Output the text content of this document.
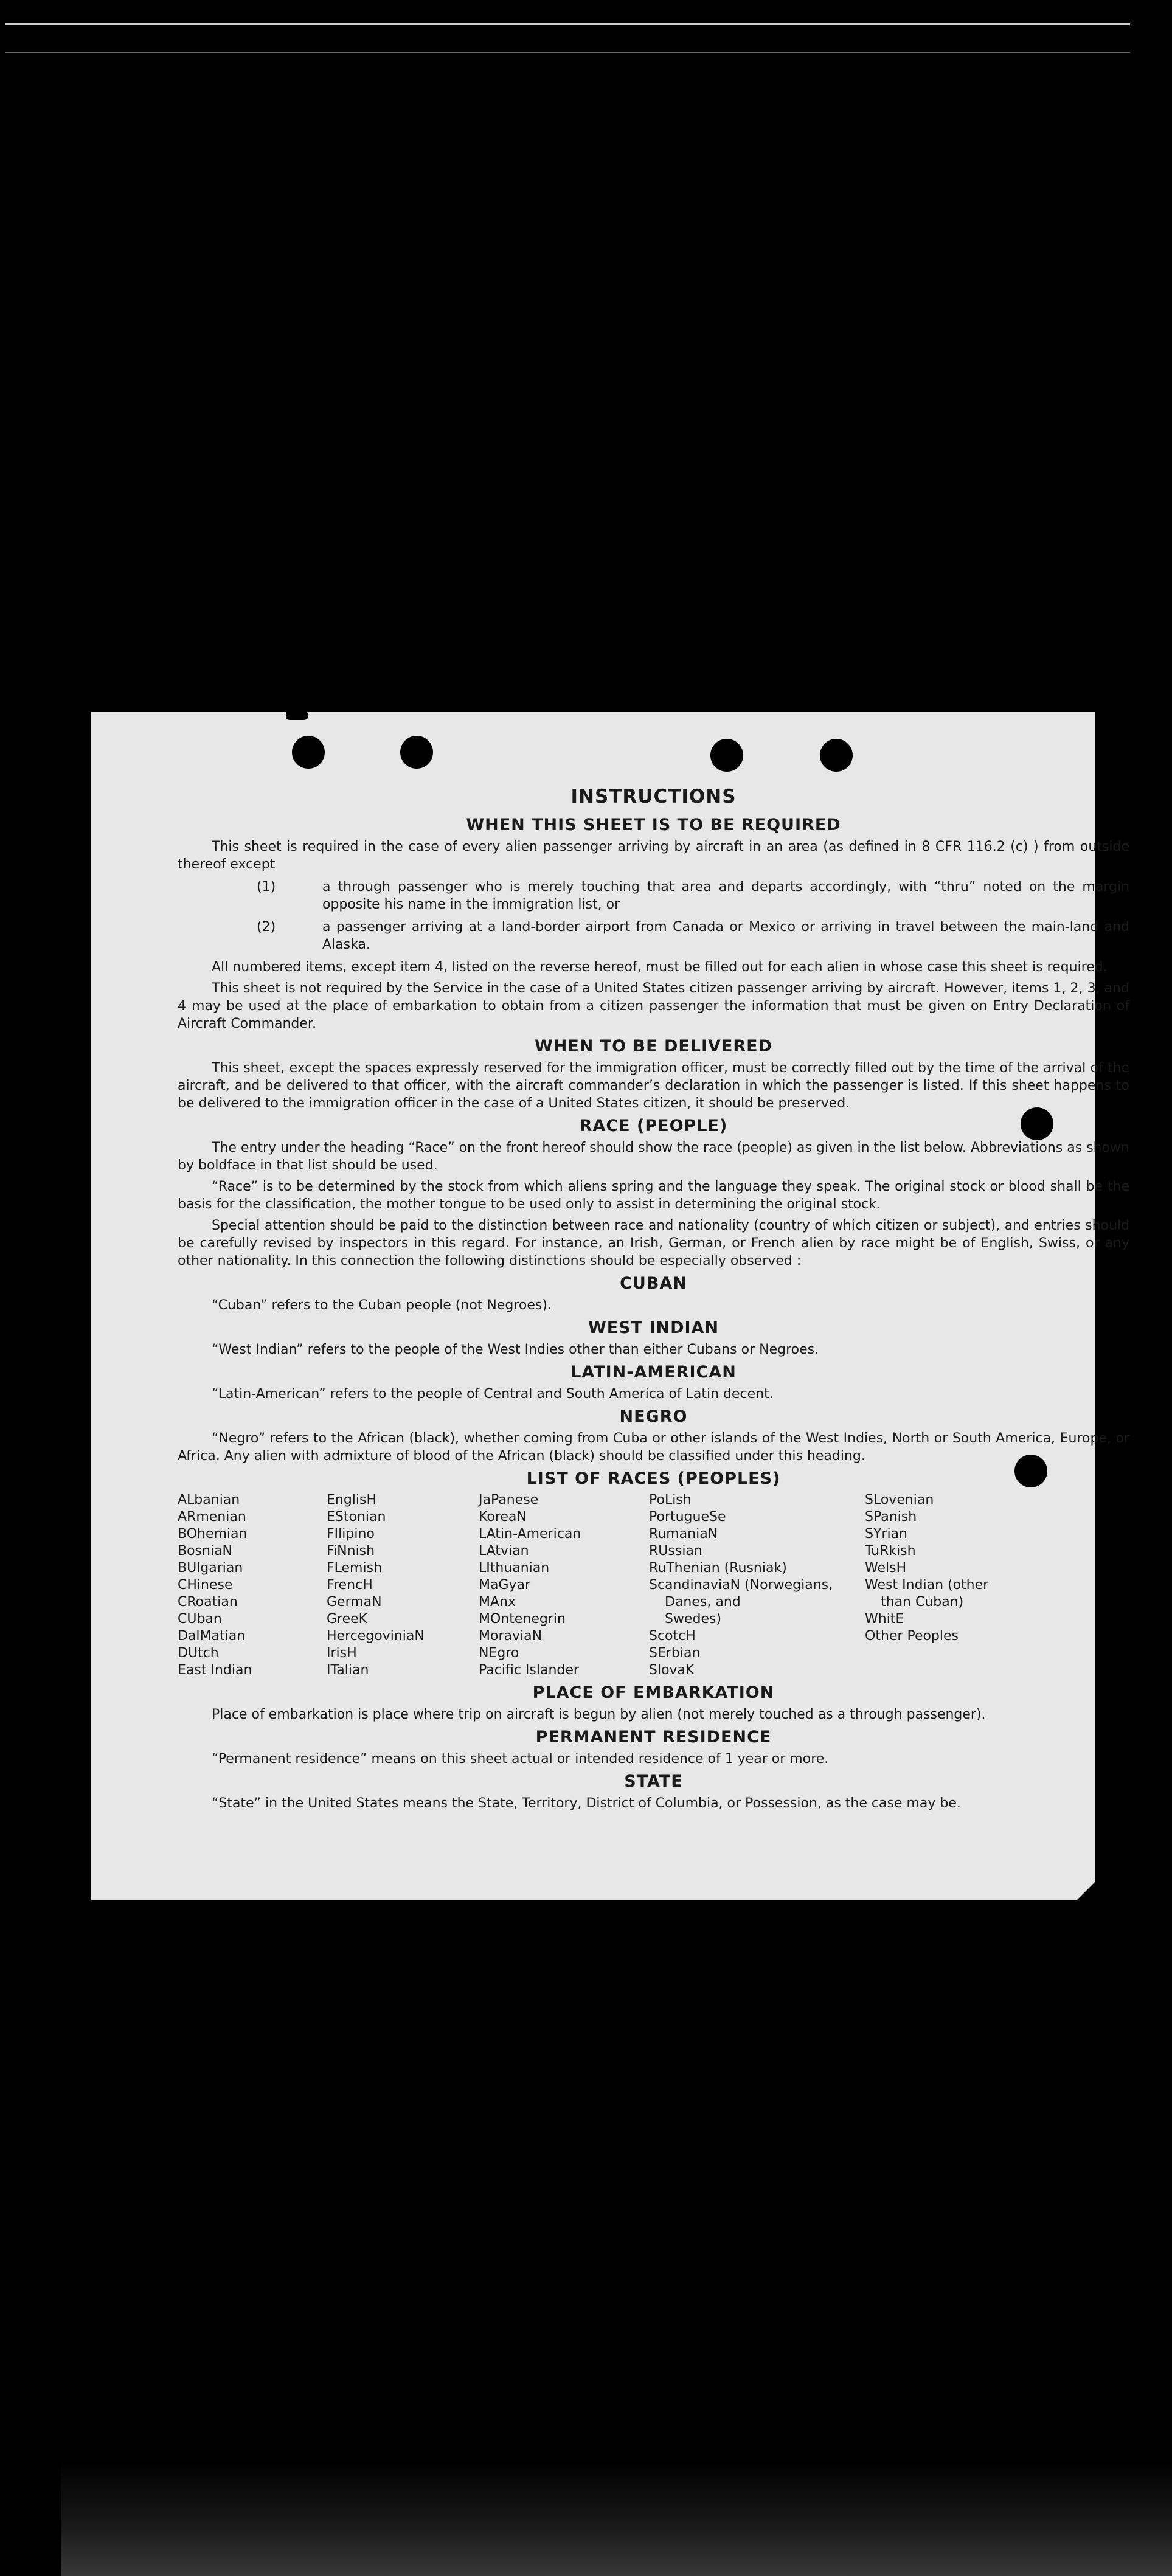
INSTRUCTIONS
WHEN THIS SHEET IS TO BE REQUIRED

This sheet is required in the case of every alien passenger arriving by aircraft in an area (as defined in 8 CFR 116.2 (c) ) from outside thereof except

(1)	a through passenger who is merely touching that area and departs accordingly, with “thru” noted on the margin opposite his name in the immigration list, or
(2)	a passenger arriving at a land-border airport from Canada or Mexico or arriving in travel between the main-land and Alaska.

All numbered items, except item 4, listed on the reverse hereof, must be filled out for each alien in whose case this sheet is required.

This sheet is not required by the Service in the case of a United States citizen passenger arriving by aircraft. However, items 1, 2, 3, and 4 may be used at the place of embarkation to obtain from a citizen passenger the information that must be given on Entry Declaration of Aircraft Commander.

WHEN TO BE DELIVERED

This sheet, except the spaces expressly reserved for the immigration officer, must be correctly filled out by the time of the arrival of the aircraft, and be delivered to that officer, with the aircraft commander’s declaration in which the passenger is listed. If this sheet happens to be delivered to the immigration officer in the case of a United States citizen, it should be preserved.

RACE (PEOPLE)

The entry under the heading “Race” on the front hereof should show the race (people) as given in the list below. Abbreviations as shown by boldface in that list should be used.

“Race” is to be determined by the stock from which aliens spring and the language they speak. The original stock or blood shall be the basis for the classification, the mother tongue to be used only to assist in determining the original stock.

Special attention should be paid to the distinction between race and nationality (country of which citizen or subject), and entries should be carefully revised by inspectors in this regard. For instance, an Irish, German, or French alien by race might be of English, Swiss, or any other nationality. In this connection the following distinctions should be especially observed :

CUBAN

“Cuban” refers to the Cuban people (not Negroes).

WEST INDIAN

“West Indian” refers to the people of the West Indies other than either Cubans or Negroes.

LATIN-AMERICAN

“Latin-American” refers to the people of Central and South America of Latin decent.

NEGRO

“Negro” refers to the African (black), whether coming from Cuba or other islands of the West Indies, North or South America, Europe, or Africa. Any alien with admixture of blood of the African (black) should be classified under this heading.

LIST OF RACES (PEOPLES)
ALbanian
ARmenian
BOhemian
BosniaN
BUlgarian
CHinese
CRoatian
CUban
DalMatian
DUtch
East Indian
EnglisH
EStonian
FIlipino
FiNnish
FLemish
FrencH
GermaN
GreeK
HercegoviniaN
IrisH
ITalian
JaPanese
KoreaN
LAtin-American
LAtvian
LIthuanian
MaGyar
MAnx
MOntenegrin
MoraviaN
NEgro
Pacific Islander
PoLish
PortugueSe
RumaniaN
RUssian
RuThenian (Rusniak)
ScandinaviaN (Norwegians,
Danes, and
Swedes)
ScotcH
SErbian
SlovaK
SLovenian
SPanish
SYrian
TuRkish
WelsH
West Indian (other
than Cuban)
WhitE
Other Peoples
PLACE OF EMBARKATION

Place of embarkation is place where trip on aircraft is begun by alien (not merely touched as a through passenger).

PERMANENT RESIDENCE

“Permanent residence” means on this sheet actual or intended residence of 1 year or more.

STATE

“State” in the United States means the State, Territory, District of Columbia, or Possession, as the case may be.
